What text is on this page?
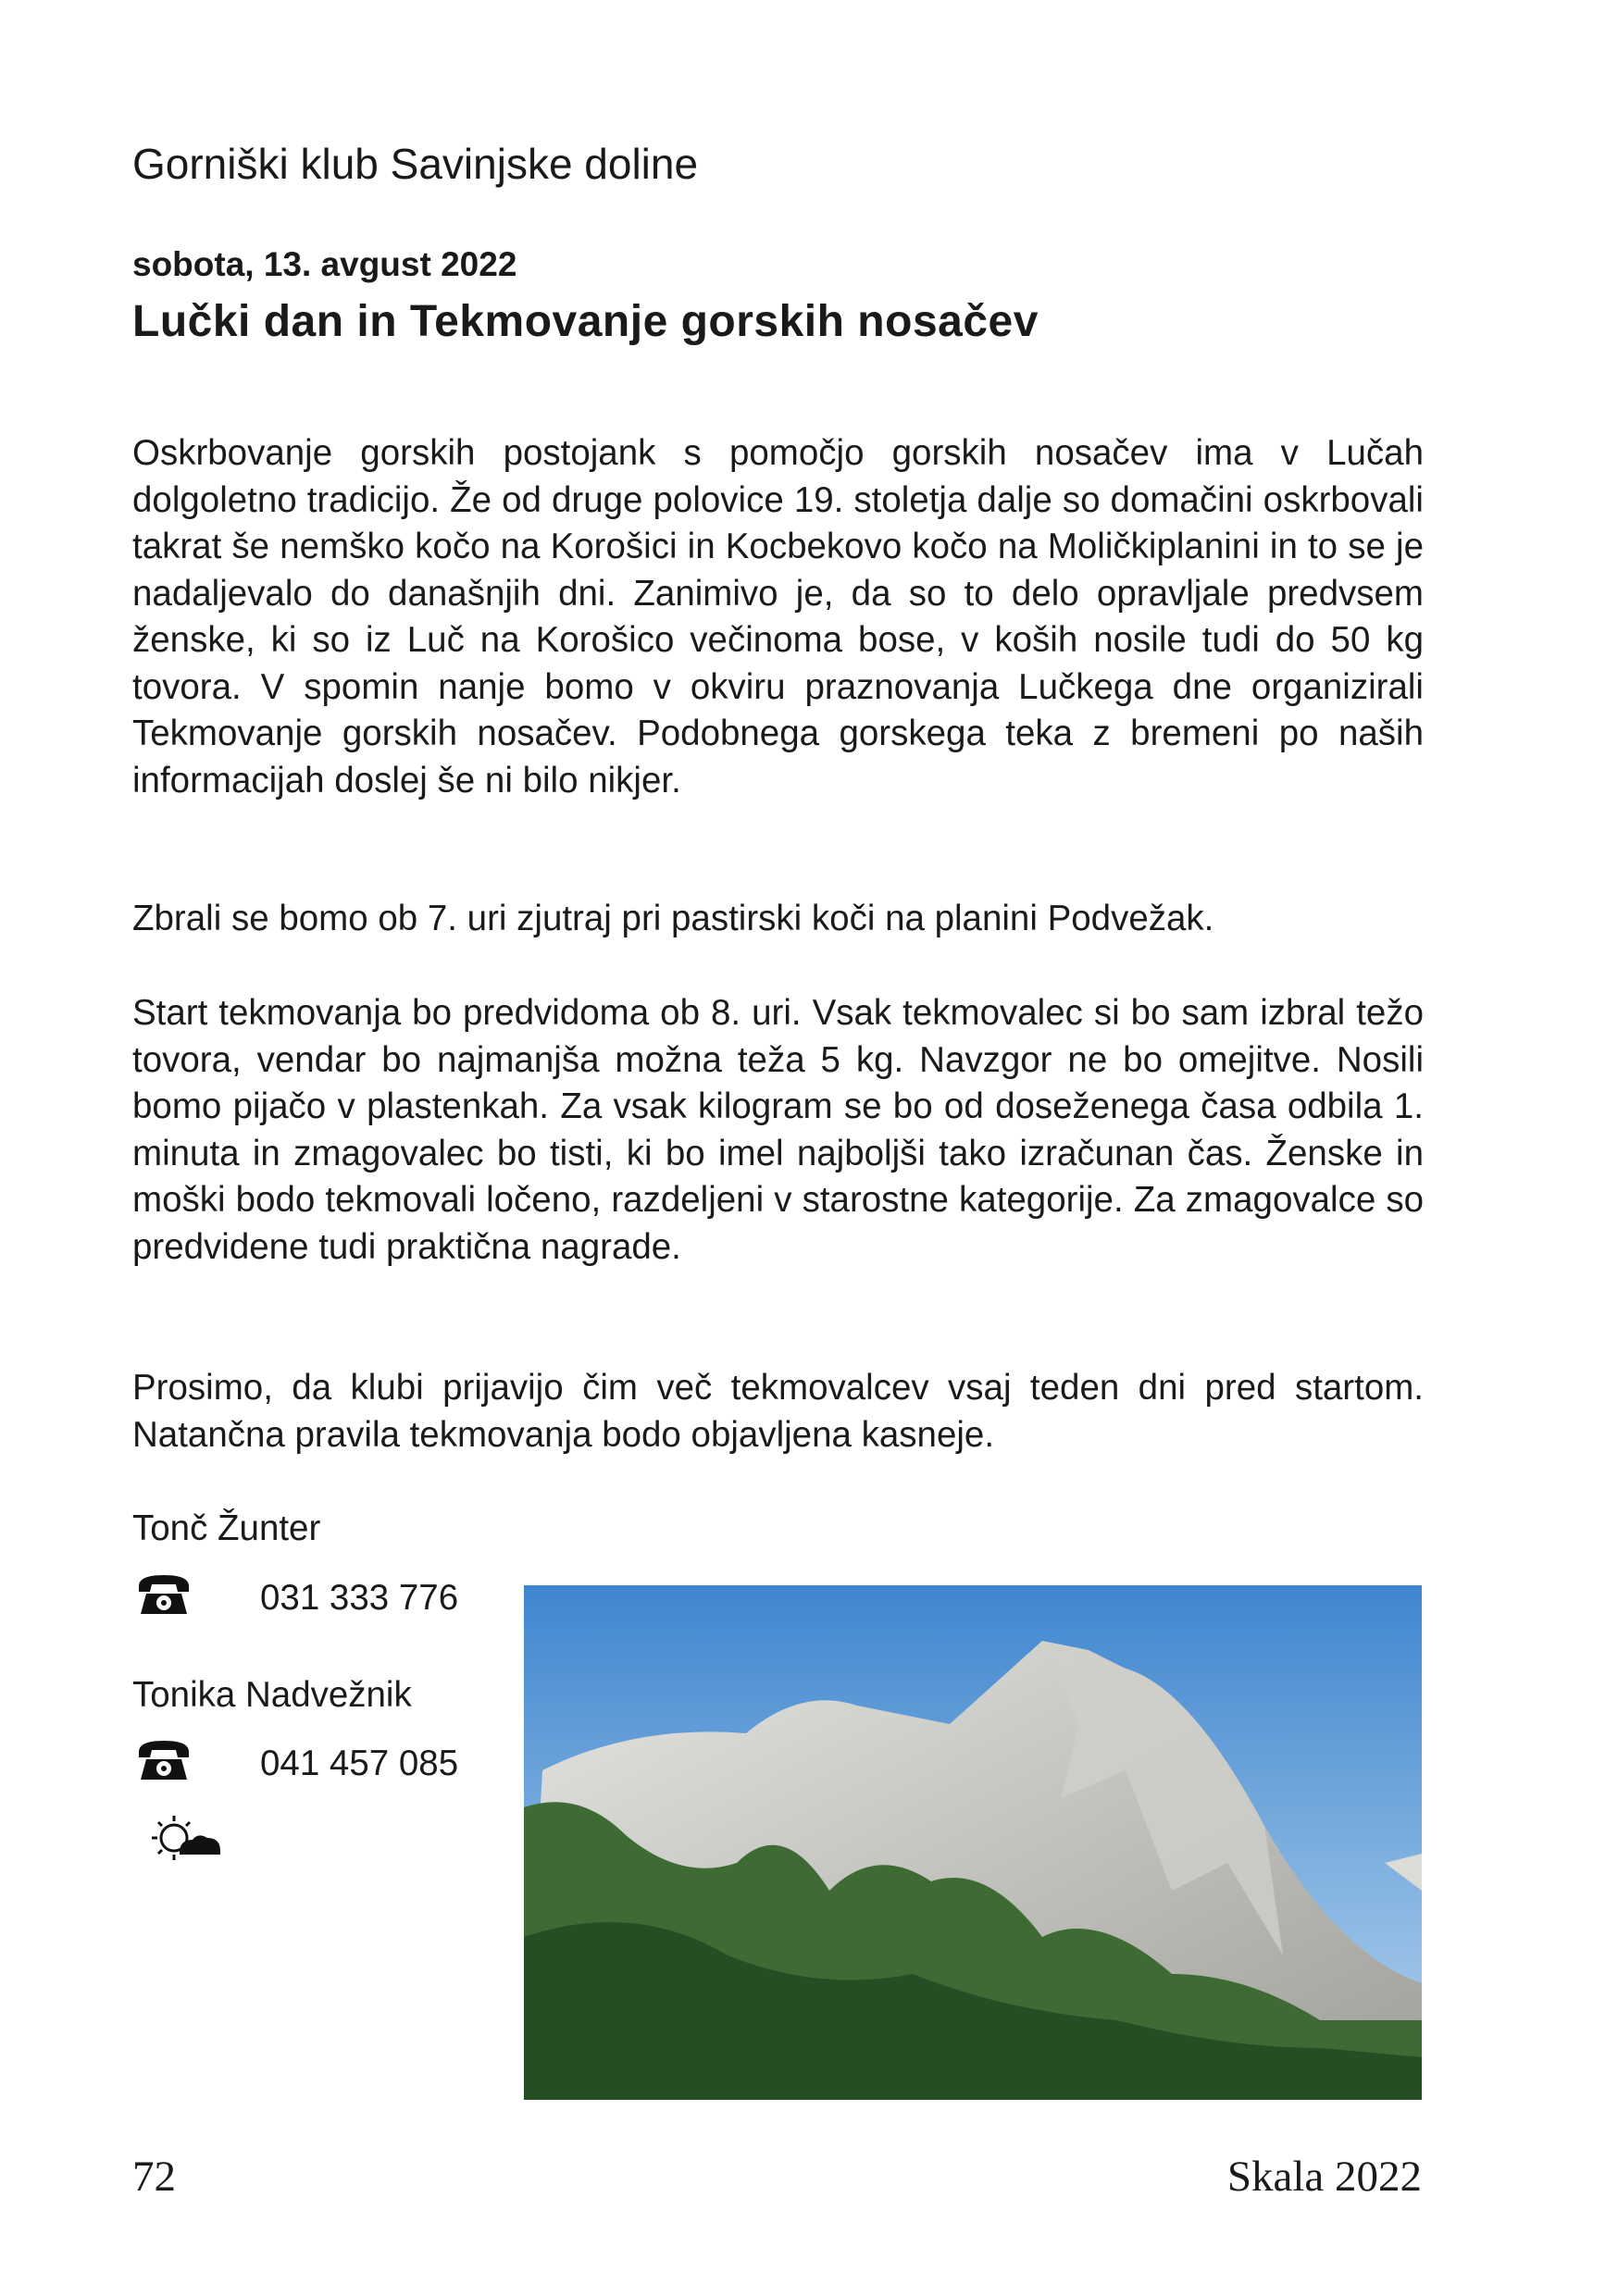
Gorniški klub Savinjske doline
sobota, 13. avgust 2022
Lučki dan in Tekmovanje gorskih nosačev

Oskrbovanje gorskih postojank s pomočjo gorskih nosačev ima v Lučah dolgoletno tradicijo. Že od druge polovice 19. stoletja dalje so domačini oskrbovali takrat še nemško kočo na Korošici in Kocbekovo kočo na Moličkiplanini in to se je nadaljevalo do današnjih dni. Zanimivo je, da so to delo opravljale predvsem ženske, ki so iz Luč na Korošico večinoma bose, v koših nosile tudi do 50 kg tovora. V spomin nanje bomo v okviru praznovanja Lučkega dne organizirali Tekmovanje gorskih nosačev. Podobnega gorskega teka z bremeni po naših informacijah doslej še ni bilo nikjer.

Zbrali se bomo ob 7. uri zjutraj pri pastirski koči na planini Podvežak.

Start tekmovanja bo predvidoma ob 8. uri. Vsak tekmovalec si bo sam izbral težo tovora, vendar bo najmanjša možna teža 5 kg. Navzgor ne bo omejitve. Nosili bomo pijačo v plastenkah. Za vsak kilogram se bo od doseženega časa odbila 1. minuta in zmagovalec bo tisti, ki bo imel najboljši tako izračunan čas. Ženske in moški bodo tekmovali ločeno, razdeljeni v starostne kategorije. Za zmagovalce so predvidene tudi praktična nagrade.

Prosimo, da klubi prijavijo čim več tekmovalcev vsaj teden dni pred startom. Natančna pravila tekmovanja bodo objavljena kasneje.

Tonč Žunter
031 333 776
Tonika Nadvežnik
041 457 085
72	Skala 2022
